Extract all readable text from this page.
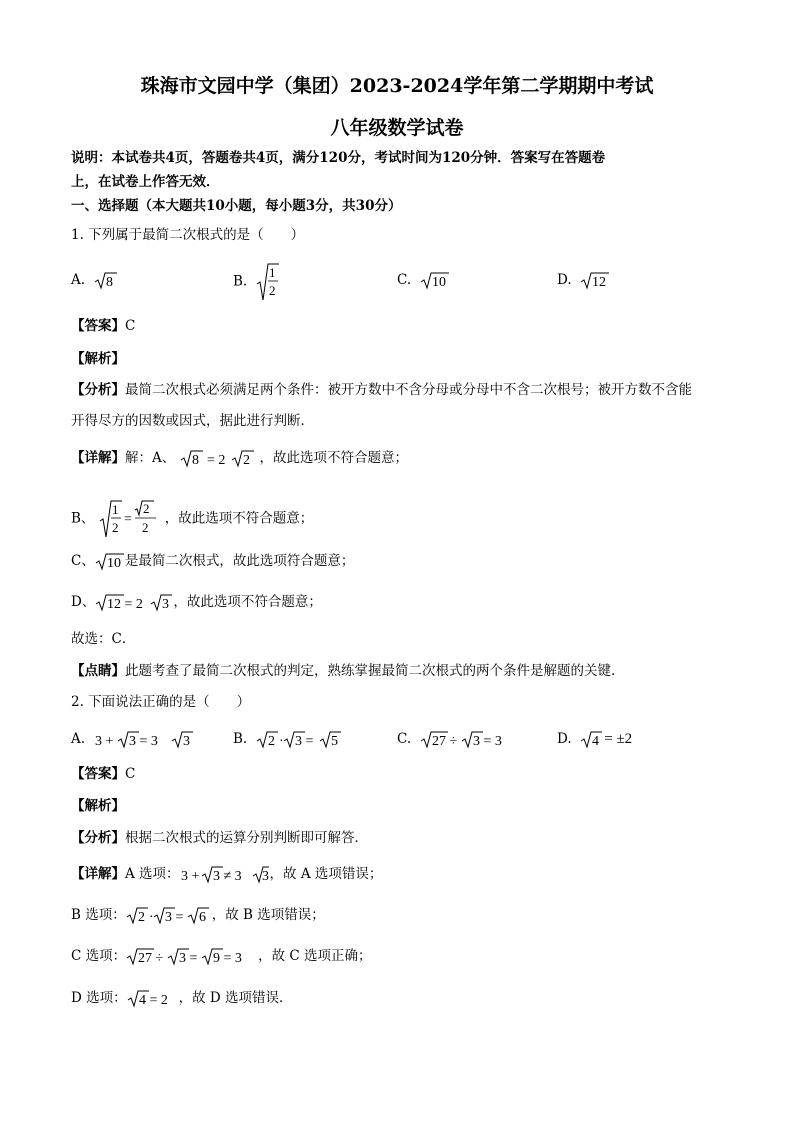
珠海市文园中学（集团）2023-2024学年第二学期期中考试
八年级数学试卷
说明：本试卷共4页，答题卷共4页，满分120分，考试时间为120分钟．答案写在答题卷
上，在试卷上作答无效．
一、选择题（本大题共10小题，每小题3分，共30分）
1. 下列属于最简二次根式的是（　　）
A. 8	B.
1
2
C. 10	D. 12
【答案】C
【解析】
【分析】最简二次根式必须满足两个条件：被开方数中不含分母或分母中不含二次根号；被开方数不含能
开得尽方的因数或因式，据此进行判断．
【详解】解：A、 8 = 2 2 ，故此选项不符合题意；
B、
1
2
=
2
2
，故此选项不符合题意；
C、 10 是最简二次根式，故此选项符合题意；
D、 12 = 2 3 ，故此选项不符合题意；
故选：C．
【点睛】此题考查了最简二次根式的判定，熟练掌握最简二次根式的两个条件是解题的关键．
2. 下面说法正确的是（　　）
A. 3 + 3 = 3 3	B. 2 · 3 = 5	C. 27 ÷ 3 = 3	D. 4 = ±2
【答案】C
【解析】
【分析】根据二次根式的运算分别判断即可解答．
【详解】A 选项： 3 + 3 ≠ 3 3 ，故 A 选项错误；
B 选项： 2 · 3 = 6 ，故 B 选项错误；
C 选项： 27 ÷ 3 = 9 = 3 ，故 C 选项正确；
D 选项： 4 = 2 ，故 D 选项错误．
